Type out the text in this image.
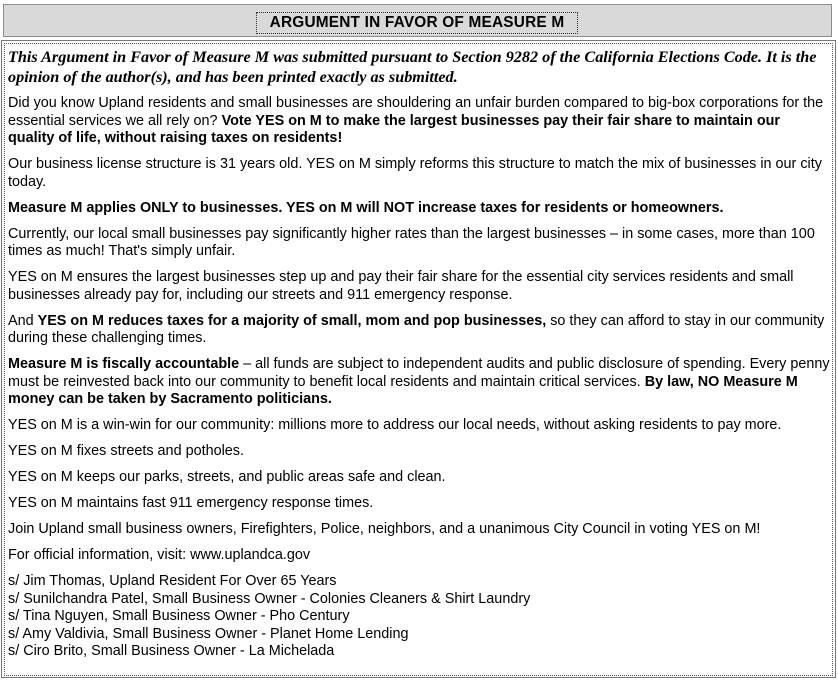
ARGUMENT IN FAVOR OF MEASURE M
This Argument in Favor of Measure M was submitted pursuant to Section 9282 of the California Elections Code. It is the opinion of the author(s), and has been printed exactly as submitted.

Did you know Upland residents and small businesses are shouldering an unfair burden compared to big-box corporations for the essential services we all rely on? Vote YES on M to make the largest businesses pay their fair share to maintain our quality of life, without raising taxes on residents!

Our business license structure is 31 years old. YES on M simply reforms this structure to match the mix of businesses in our city today.

Measure M applies ONLY to businesses. YES on M will NOT increase taxes for residents or homeowners.

Currently, our local small businesses pay significantly higher rates than the largest businesses – in some cases, more than 100 times as much! That's simply unfair.

YES on M ensures the largest businesses step up and pay their fair share for the essential city services residents and small businesses already pay for, including our streets and 911 emergency response.

And YES on M reduces taxes for a majority of small, mom and pop businesses, so they can afford to stay in our community during these challenging times.

Measure M is fiscally accountable – all funds are subject to independent audits and public disclosure of spending. Every penny must be reinvested back into our community to benefit local residents and maintain critical services. By law, NO Measure M money can be taken by Sacramento politicians.

YES on M is a win-win for our community: millions more to address our local needs, without asking residents to pay more.

YES on M fixes streets and potholes.

YES on M keeps our parks, streets, and public areas safe and clean.

YES on M maintains fast 911 emergency response times.

Join Upland small business owners, Firefighters, Police, neighbors, and a unanimous City Council in voting YES on M!

For official information, visit: www.uplandca.gov

s/ Jim Thomas, Upland Resident For Over 65 Years
s/ Sunilchandra Patel, Small Business Owner - Colonies Cleaners & Shirt Laundry
s/ Tina Nguyen, Small Business Owner - Pho Century
s/ Amy Valdivia, Small Business Owner - Planet Home Lending
s/ Ciro Brito, Small Business Owner - La Michelada
